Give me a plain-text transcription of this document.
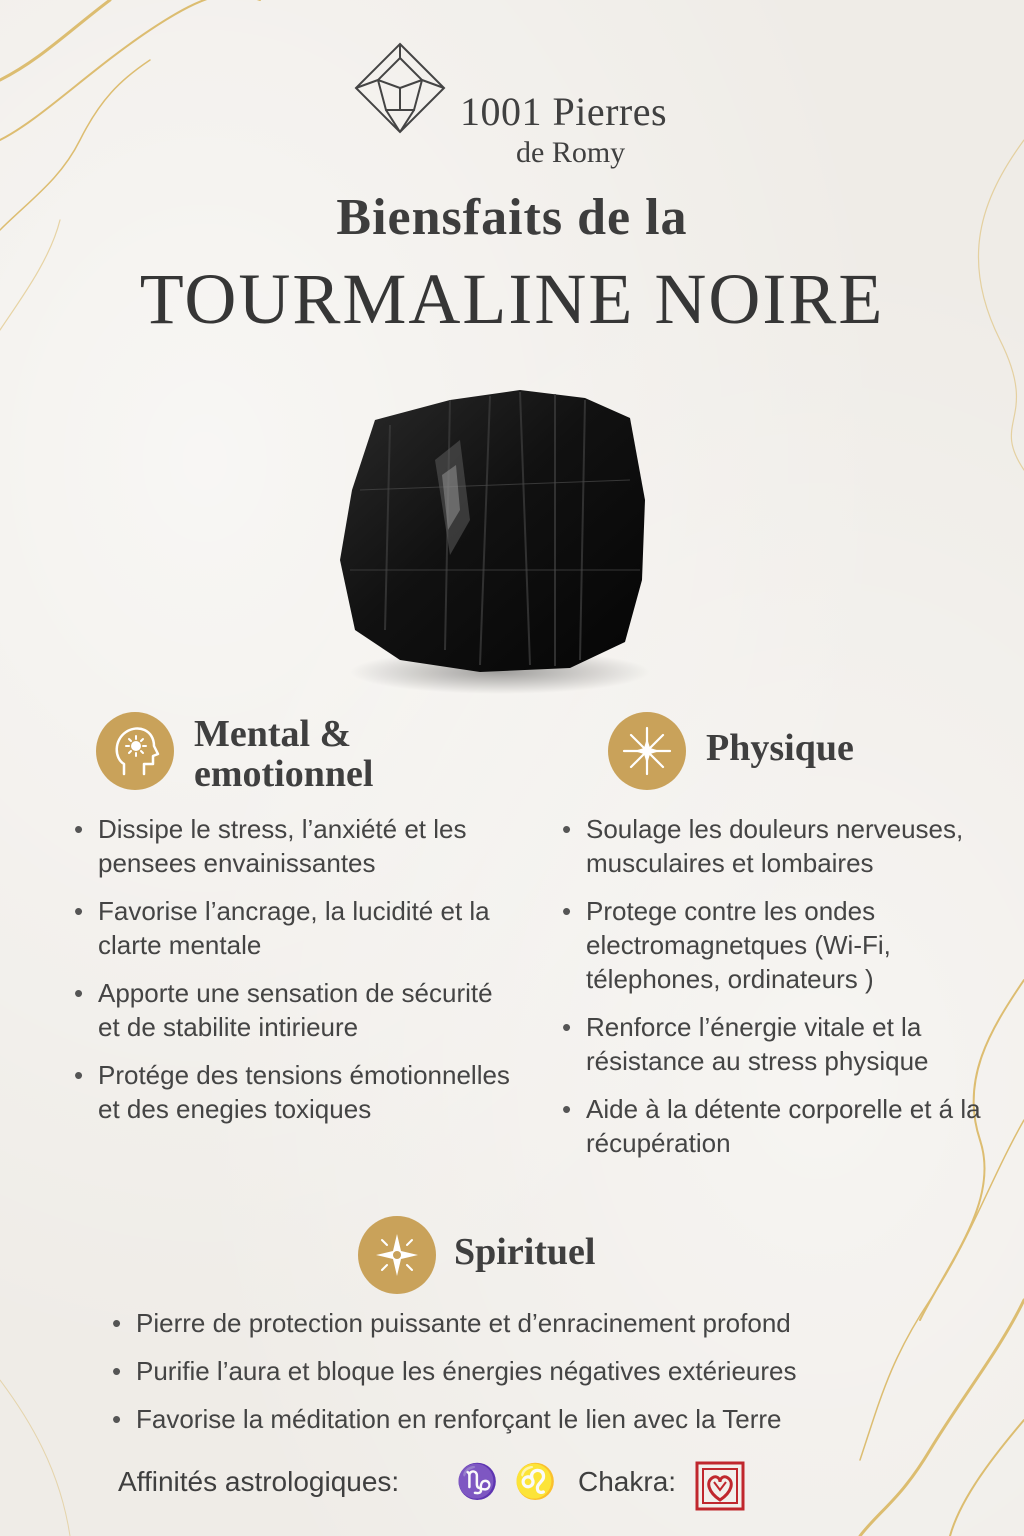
1001 Pierres
de Romy
Biensfaits de la
TOURMALINE NOIRE
Mental &
emotionnel
• Dissipe le stress, l’anxiété et les pensees envainissantes
• Favorise l’ancrage, la lucidité et la clarte mentale
• Apporte une sensation de sécurité et de stabilite intirieure
• Protége des tensions émotionnelles et des enegies toxiques
Physique
• Soulage les douleurs nerveuses, musculaires et lombaires
• Protege contre les ondes electromagnetques (Wi-Fi, télephones, ordinateurs )
• Renforce l’énergie vitale et la résistance au stress physique
• Aide à la détente corporelle et á la récupération
Spirituel
• Pierre de protection puissante et d’enracinement profond
• Purifie l’aura et bloque les énergies négatives extérieures
• Favorise la méditation en renforçant le lien avec la Terre
Affinités astrologiques: ♑ ♌ Chakra:
